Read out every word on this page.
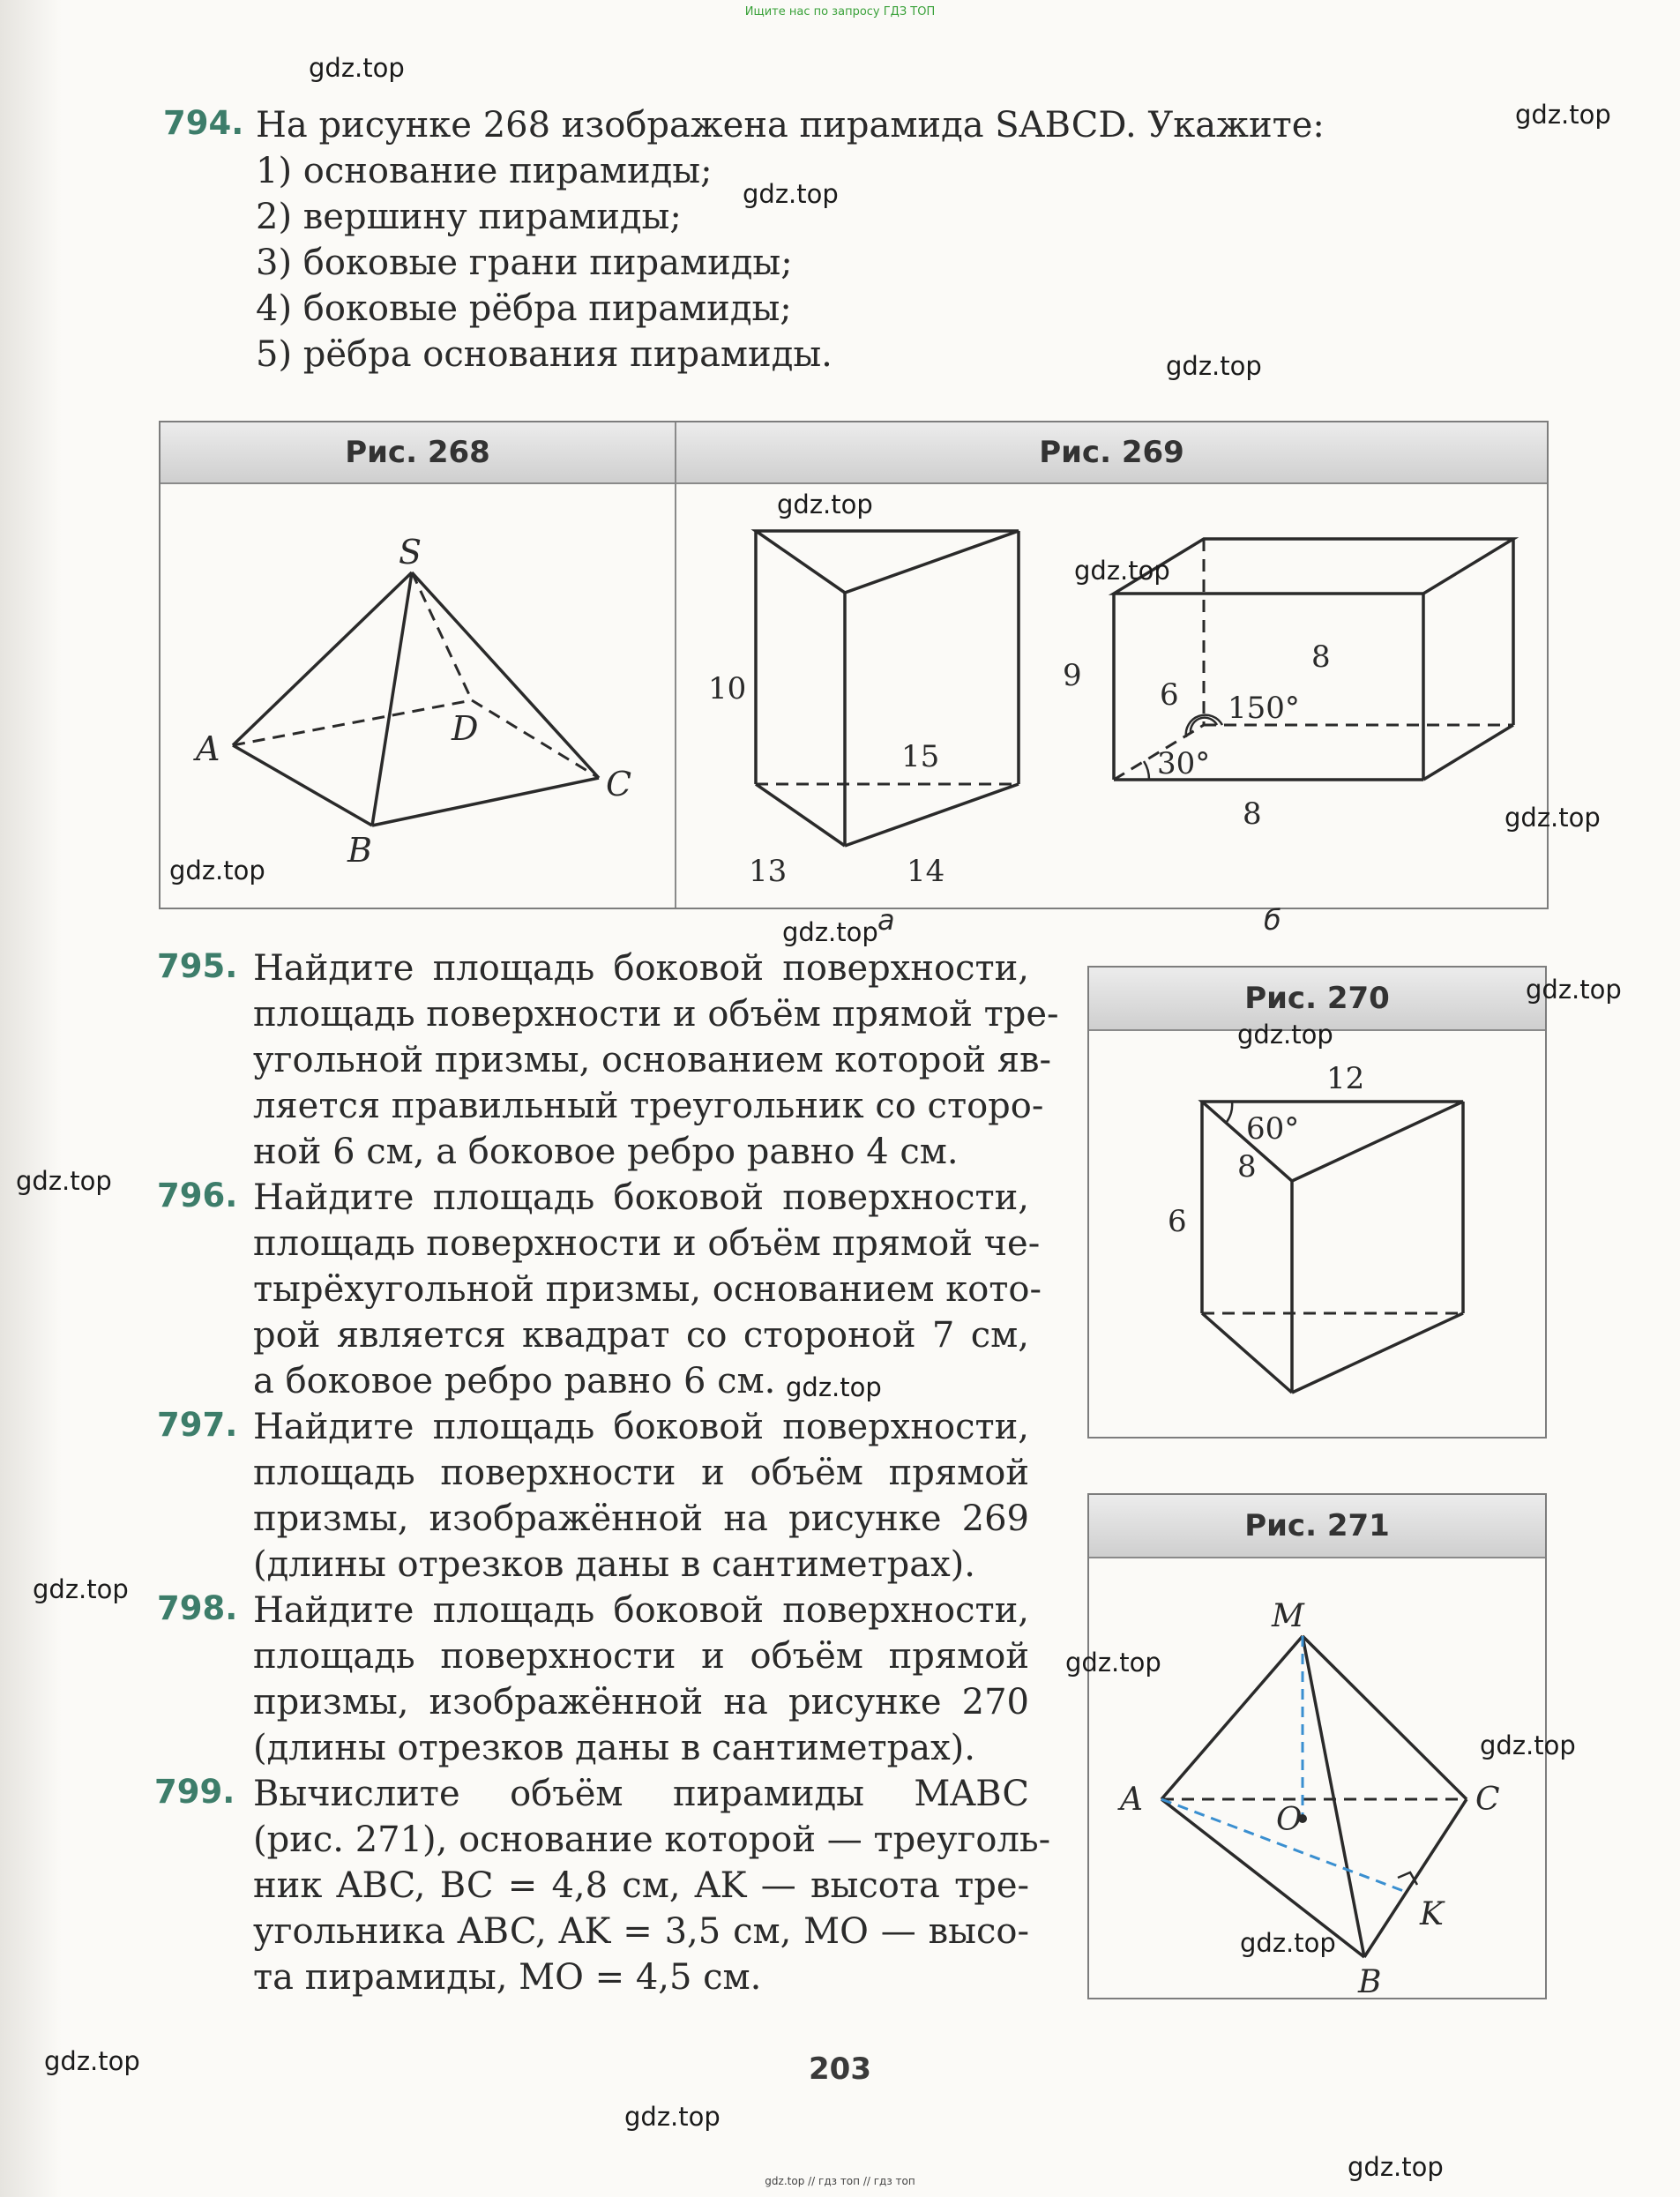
Ищите нас по запросу ГДЗ ТОП
794. На рисунке 268 изображена пирамида SABCD. Укажите:
1) основание пирамиды;
2) вершину пирамиды;
3) боковые грани пирамиды;
4) боковые рёбра пирамиды;
5) рёбра основания пирамиды.
Рис. 268	Рис. 269
S
A
B
C
D
10
15
13	14
а
9
6
8
150°
30°
8
б
795. Найдите площадь боковой поверхности,
площадь поверхности и объём прямой тре-
угольной призмы, основанием которой яв-
ляется правильный треугольник со сторо-
ной 6 см, а боковое ребро равно 4 см.
796. Найдите площадь боковой поверхности,
площадь поверхности и объём прямой че-
тырёхугольной призмы, основанием кото-
рой является квадрат со стороной 7 см,
а боковое ребро равно 6 см.
797. Найдите площадь боковой поверхности,
площадь поверхности и объём прямой
призмы, изображённой на рисунке 269
(длины отрезков даны в сантиметрах).
798. Найдите площадь боковой поверхности,
площадь поверхности и объём прямой
призмы, изображённой на рисунке 270
(длины отрезков даны в сантиметрах).
799. Вычислите объём пирамиды MABC
(рис. 271), основание которой — треуголь-
ник ABC, BC = 4,8 см, AK — высота тре-
угольника ABC, AK = 3,5 см, MO — высо-
та пирамиды, MO = 4,5 см.
Рис. 270
12
60°
8
6
Рис. 271
M
A
O
C
K
B
203
gdz.top
gdz.top
gdz.top
gdz.top
gdz.top
gdz.top
gdz.top
gdz.top
gdz.top
gdz.top
gdz.top
gdz.top
gdz.top
gdz.top
gdz.top
gdz.top
gdz.top
gdz.top
gdz.top
gdz.top
gdz.top // гдз топ // гдз топ
